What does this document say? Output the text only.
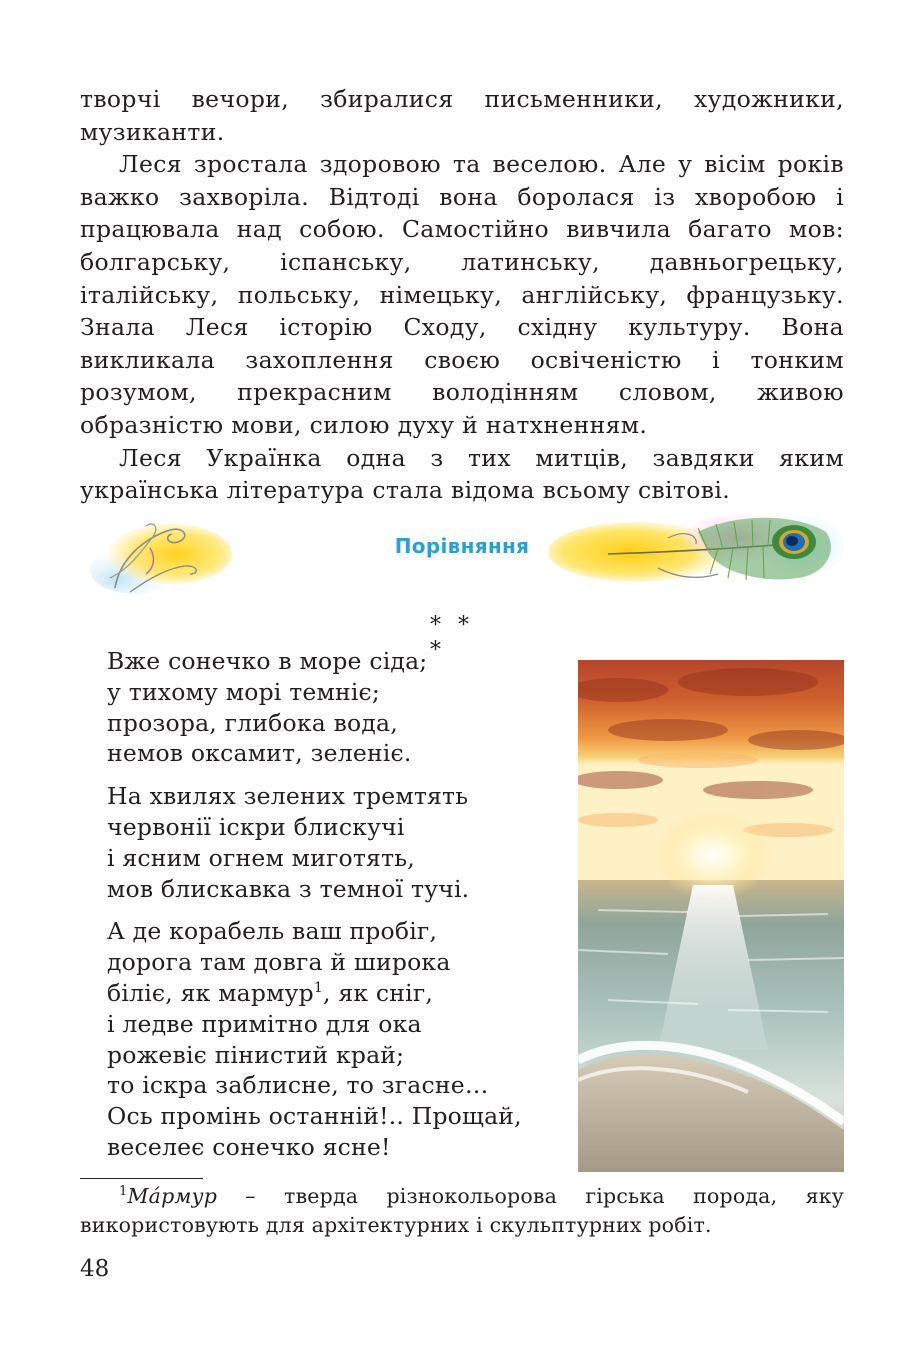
творчі вечори, збиралися письменники, художники, музиканти.

Леся зростала здоровою та веселою. Але у вісім років важко захворіла. Відтоді вона боролася із хворобою і працювала над собою. Самостійно вивчила багато мов: болгарську, іспанську, латинську, давньогрецьку, італійську, польську, німецьку, англійську, французьку. Знала Леся історію Сходу, східну культуру. Вона викликала захоплення своєю освіченістю і тонким розумом, прекрасним володінням словом, живою образністю мови, силою духу й натхненням.

Леся Українка одна з тих митців, завдяки яким українська література стала відома всьому світові.

Порівняння
* * *
Вже сонечко в море сіда;
у тихому морі темніє;
прозора, глибока вода,
немов оксамит, зеленіє.
На хвилях зелених тремтять
червонії іскри блискучі
і ясним огнем миготять,
мов блискавка з темної тучі.
А де корабель ваш пробіг,
дорога там довга й широка
біліє, як мармур$^1$, як сніг,
і ледве примітно для ока
рожевіє пінистий край;
то іскра заблисне, то згасне…
Ось промінь останній!.. Прощай,
веселеє сонечко ясне!

$^1$Мáрмур – тверда різнокольорова гірська порода, яку використовують для архітектурних і скульптурних робіт.

48
